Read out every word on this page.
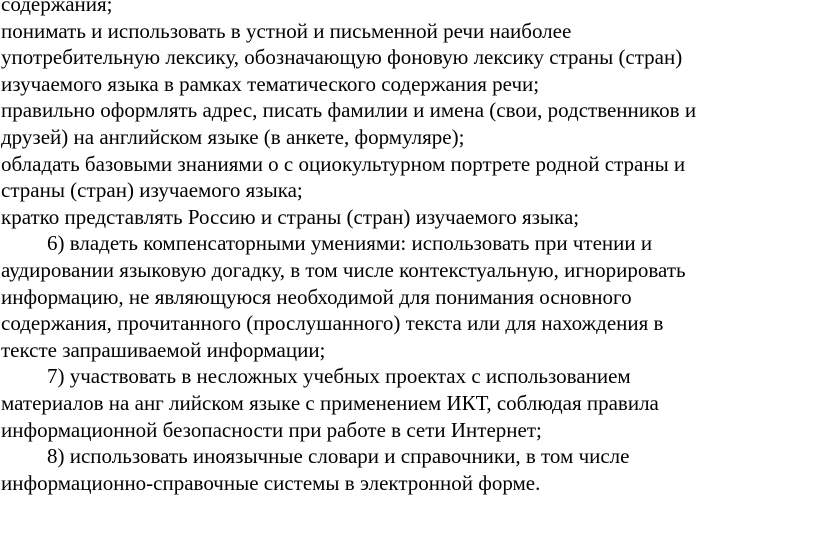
содержания;
понимать и использовать в устной и письменной речи наиболее
употребительную лексику, обозначающую фоновую лексику страны (стран)
изучаемого языка в рамках тематического содержания речи;
правильно оформлять адрес, писать фамилии и имена (свои, родственников и
друзей) на английском языке (в анкете, формуляре);
обладать базовыми знаниями о с оциокультурном портрете родной страны и
страны (стран) изучаемого языка;
кратко представлять Россию и страны (стран) изучаемого языка;
6) владеть компенсаторными умениями: использовать при чтении и
аудировании языковую догадку, в том числе контекстуальную, игнорировать
информацию, не являющуюся необходимой для понимания основного
содержания, прочитанного (прослушанного) текста или для нахождения в
тексте запрашиваемой информации;
7) участвовать в несложных учебных проектах с использованием
материалов на анг лийском языке с применением ИКТ, соблюдая правила
информационной безопасности при работе в сети Интернет;
8) использовать иноязычные словари и справочники, в том числе
информационно-справочные системы в электронной форме.
